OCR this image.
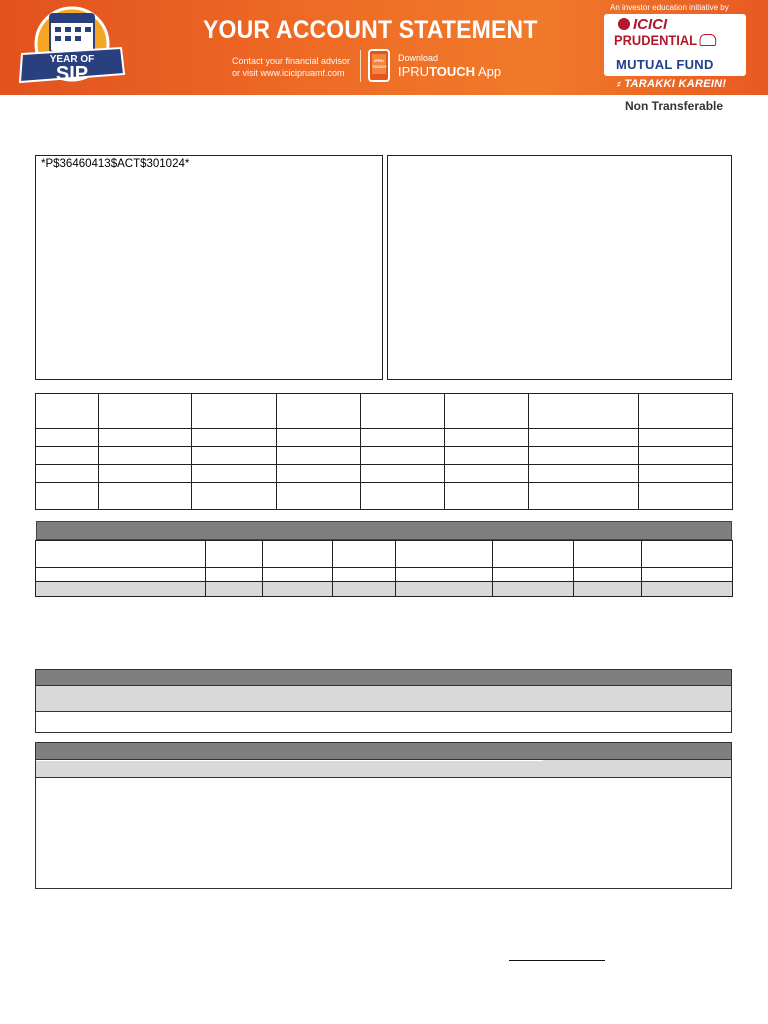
YEAR OF
SIP
YOUR ACCOUNT STATEMENT
Contact your financial advisor
or visit www.icicipruamf.com
IPRU TOUCH
Download
IPRUTOUCH App
An investor education initiative by
ICICI
PRUDENTIAL
MUTUAL FUND
⸗ TARAKKI KAREIN!
Non Transferable
*P$36460413$ACT$301024*
